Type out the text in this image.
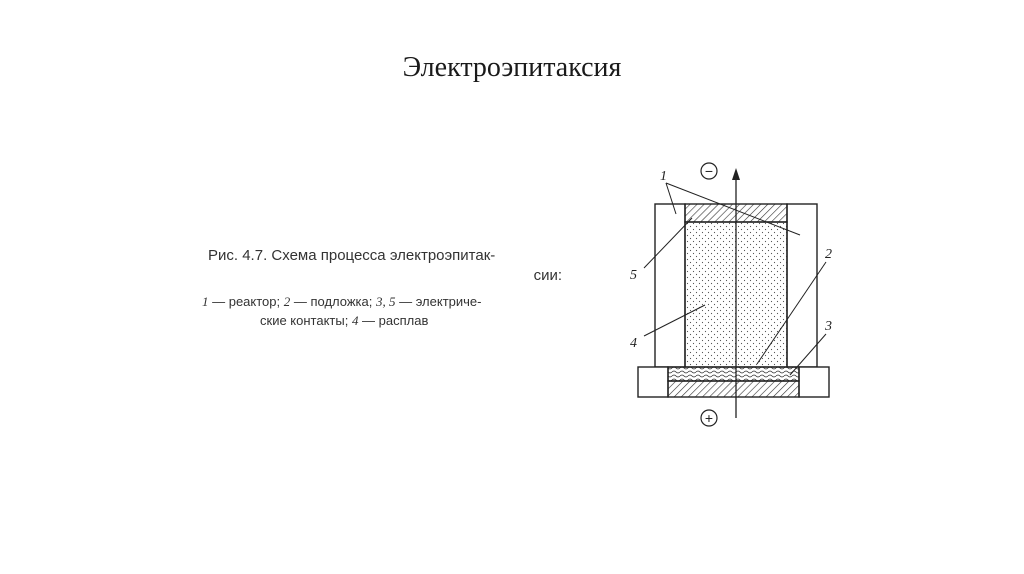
Электроэпитаксия
Рис. 4.7. Схема процесса электроэпитак-
сии:
1 — реактор; 2 — подложка; 3, 5 — электриче-
ские контакты; 4 — расплав
−
+
1
5
4
2
3
